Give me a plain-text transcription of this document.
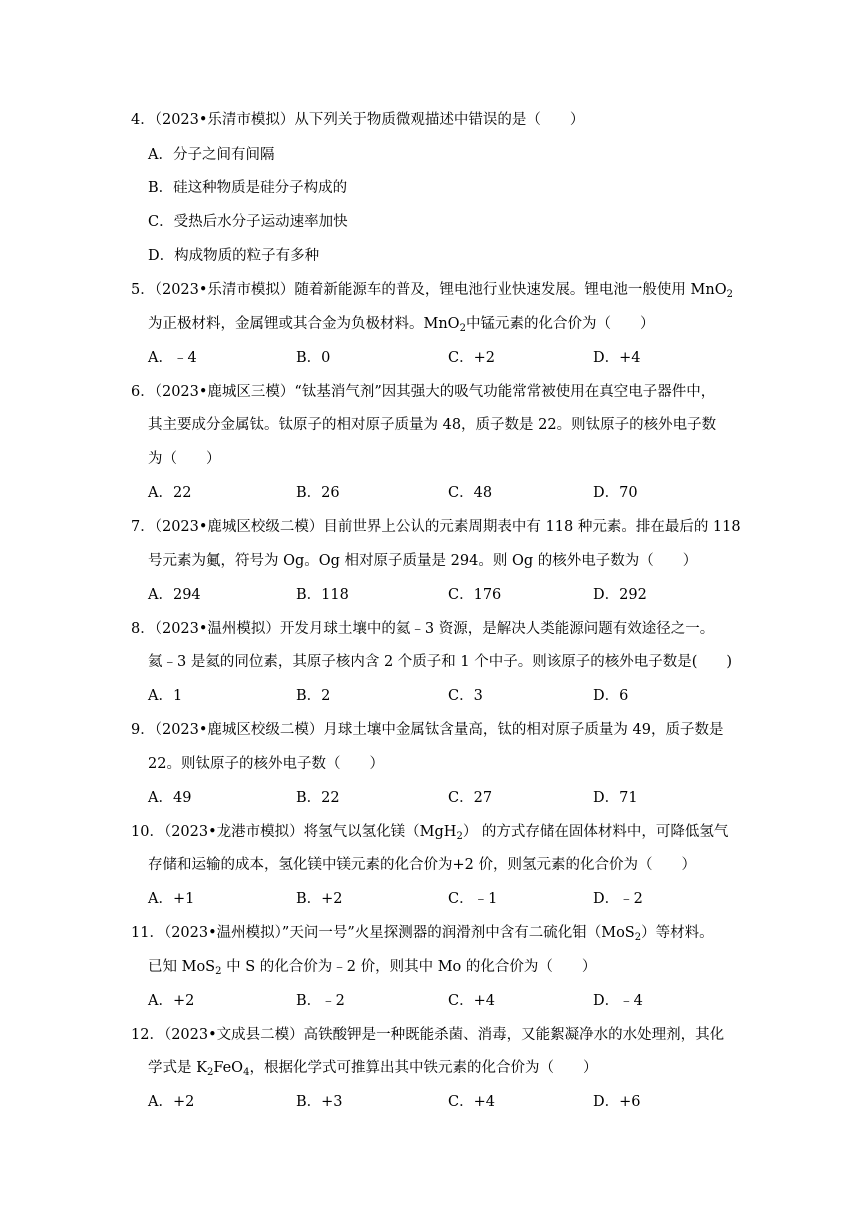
4．（2023•乐清市模拟）从下列关于物质微观描述中错误的是（　　）
A．分子之间有间隔
B．硅这种物质是硅分子构成的
C．受热后水分子运动速率加快
D．构成物质的粒子有多种
5．（2023•乐清市模拟）随着新能源车的普及，锂电池行业快速发展。锂电池一般使用 MnO$_2$
为正极材料，金属锂或其合金为负极材料。MnO$_2$中锰元素的化合价为（　　）
A．﹣4	B．0	C．+2	D．+4
6．（2023•鹿城区三模）“钛基消气剂”因其强大的吸气功能常常被使用在真空电子器件中，
其主要成分金属钛。钛原子的相对原子质量为 48，质子数是 22。则钛原子的核外电子数
为（　　）
A．22	B．26	C．48	D．70
7．（2023•鹿城区校级二模）目前世界上公认的元素周期表中有 118 种元素。排在最后的 118
号元素为鿫，符号为 Og。Og 相对原子质量是 294。则 Og 的核外电子数为（　　）
A．294	B．118	C．176	D．292
8．（2023•温州模拟）开发月球土壤中的氦﹣3 资源，是解决人类能源问题有效途径之一。
氦﹣3 是氦的同位素，其原子核内含 2 个质子和 1 个中子。则该原子的核外电子数是(　　)
A．1	B．2	C．3	D．6
9．（2023•鹿城区校级二模）月球土壤中金属钛含量高，钛的相对原子质量为 49，质子数是
22。则钛原子的核外电子数（　　）
A．49	B．22	C．27	D．71
10．（2023•龙港市模拟）将氢气以氢化镁（MgH$_2$） 的方式存储在固体材料中，可降低氢气
存储和运输的成本，氢化镁中镁元素的化合价为+2 价，则氢元素的化合价为（　　）
A．+1	B．+2	C．﹣1	D．﹣2
11．（2023•温州模拟）”天问一号”火星探测器的润滑剂中含有二硫化钼（MoS$_2$）等材料。
已知 MoS$_2$ 中 S 的化合价为﹣2 价，则其中 Mo 的化合价为（　　）
A．+2	B．﹣2	C．+4	D．﹣4
12．（2023•文成县二模）高铁酸钾是一种既能杀菌、消毒，又能絮凝净水的水处理剂，其化
学式是 $K_2FeO_4$，根据化学式可推算出其中铁元素的化合价为（　　）
A．+2	B．+3	C．+4	D．+6
